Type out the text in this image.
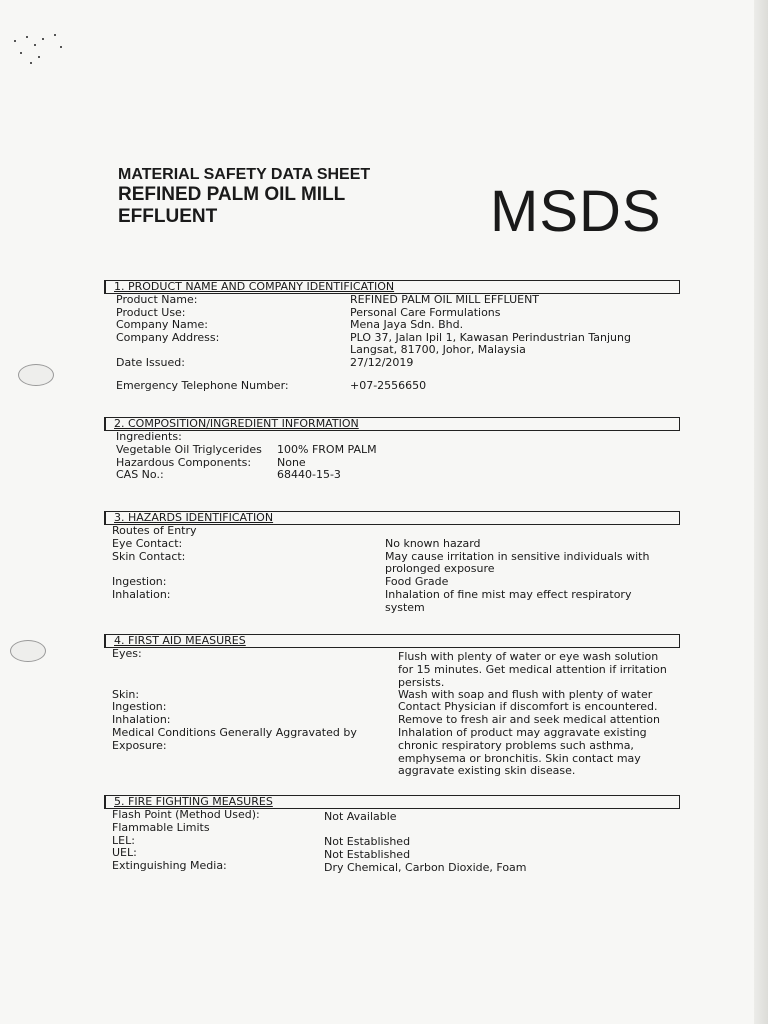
MATERIAL SAFETY DATA SHEET

REFINED PALM OIL MILL

EFFLUENT	MSDS
1. PRODUCT NAME AND COMPANY IDENTIFICATION
Product Name:	REFINED PALM OIL MILL EFFLUENT
Product Use:	Personal Care Formulations
Company Name:	Mena Jaya Sdn. Bhd.
Company Address:	PLO 37, Jalan Ipil 1, Kawasan Perindustrian Tanjung
Langsat, 81700, Johor, Malaysia
Date Issued:	27/12/2019
Emergency Telephone Number:	+07-2556650
2. COMPOSITION/INGREDIENT INFORMATION
Ingredients:
Vegetable Oil Triglycerides 100% FROM PALM
Hazardous Components: None
CAS No.:	68440-15-3
3. HAZARDS IDENTIFICATION
Routes of Entry
Eye Contact:	No known hazard
Skin Contact:	May cause irritation in sensitive individuals with
prolonged exposure
Ingestion:	Food Grade
Inhalation:	Inhalation of fine mist may effect respiratory
system
4. FIRST AID MEASURES
Eyes:	Flush with plenty of water or eye wash solution
for 15 minutes. Get medical attention if irritation
persists.
Skin:	Wash with soap and flush with plenty of water
Ingestion:	Contact Physician if discomfort is encountered.
Inhalation:	Remove to fresh air and seek medical attention
Medical Conditions Generally Aggravated by
Exposure:
Inhalation of product may aggravate existing
chronic respiratory problems such asthma,
emphysema or bronchitis. Skin contact may
aggravate existing skin disease.
5. FIRE FIGHTING MEASURES
Flash Point (Method Used):	Not Available
Flammable Limits
LEL:	Not Established
UEL:	Not Established
Extinguishing Media:	Dry Chemical, Carbon Dioxide, Foam
